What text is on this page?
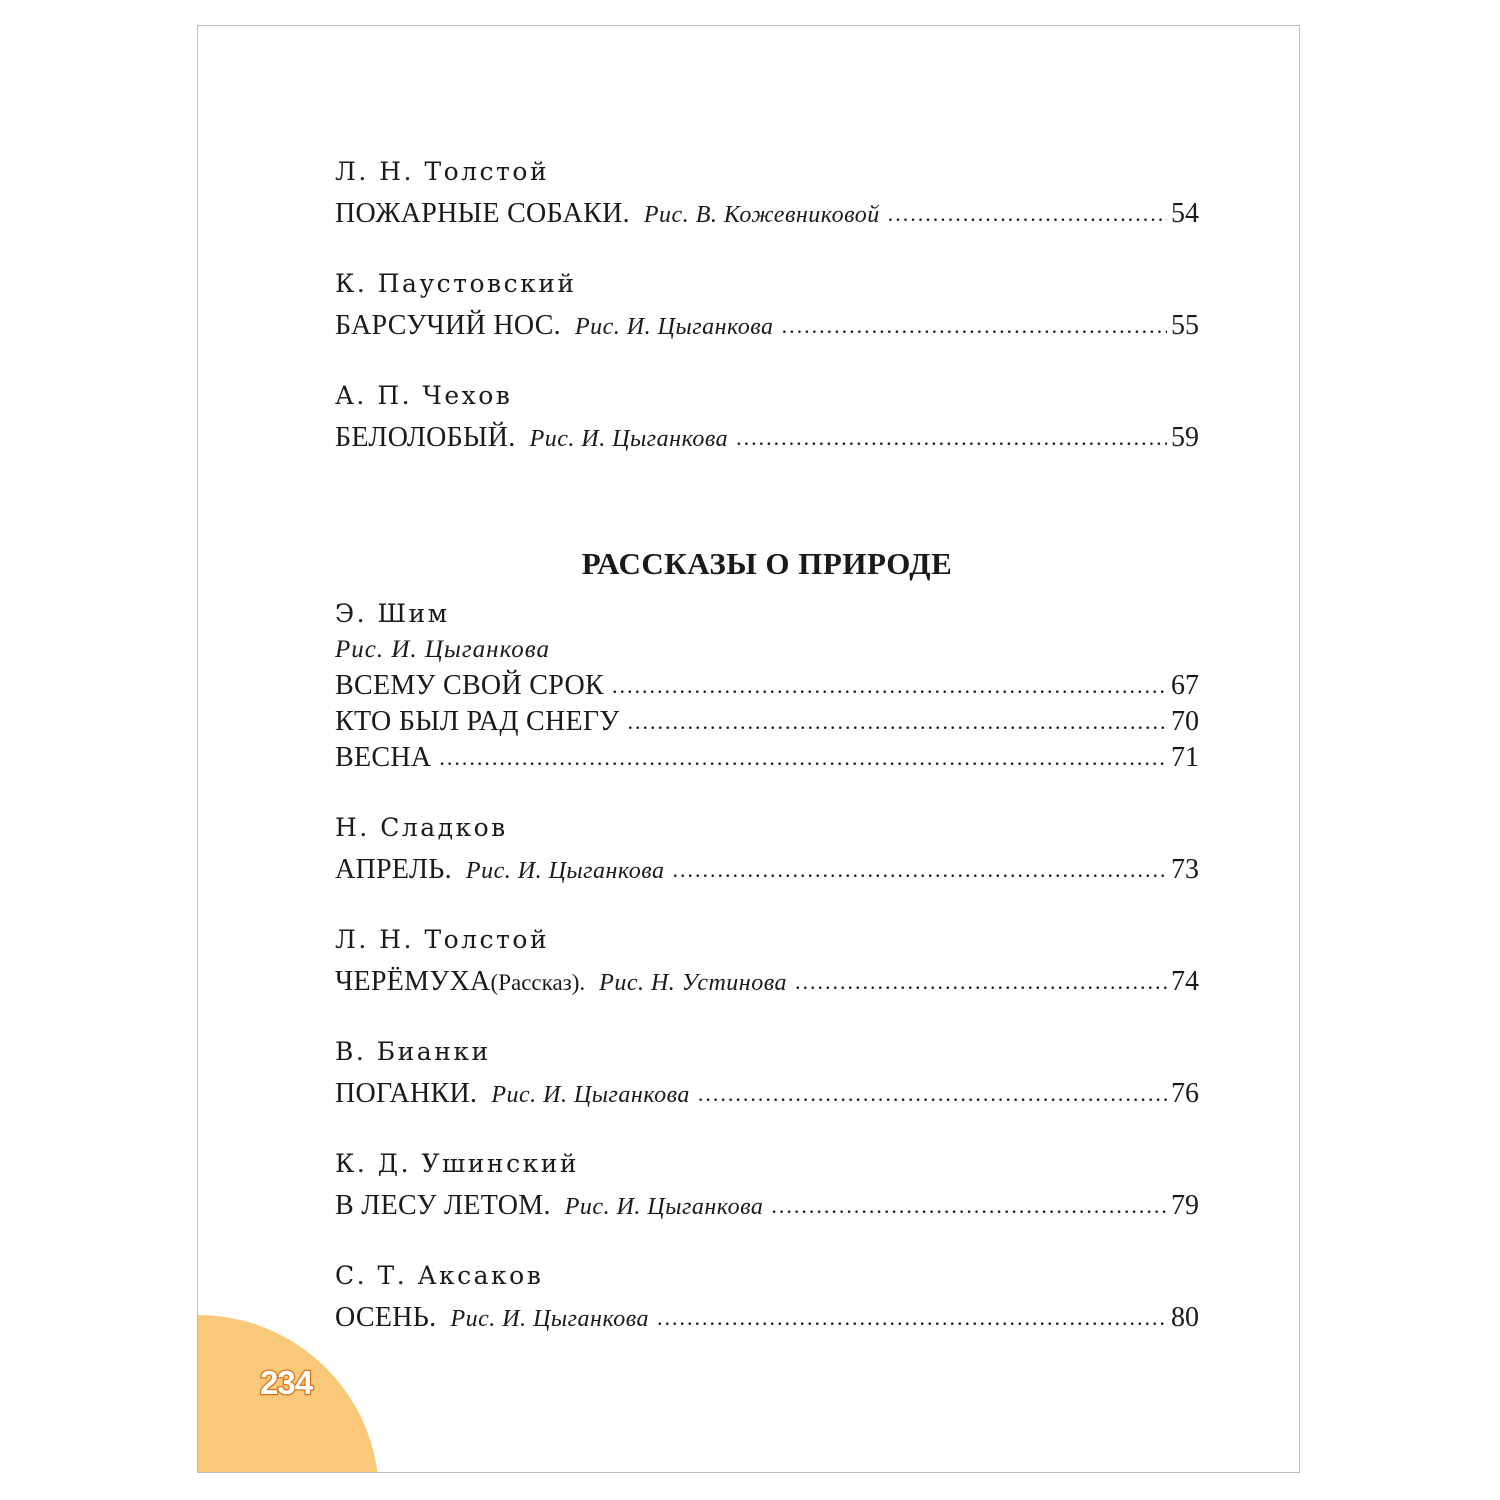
Л. Н. Толстой
ПОЖАРНЫЕ СОБАКИ. Рис. В. Кожевниковой .....	54
К. Паустовский
БАРСУЧИЙ НОС. Рис. И. Цыганкова .....	55
А. П. Чехов
БЕЛОЛОБЫЙ. Рис. И. Цыганкова .....	59
РАССКАЗЫ О ПРИРОДЕ
Э. Шим
Рис. И. Цыганкова
ВСЕМУ СВОЙ СРОК .....	67
КТО БЫЛ РАД СНЕГУ .....	70
ВЕСНА .....	71
Н. Сладков
АПРЕЛЬ. Рис. И. Цыганкова .....	73
Л. Н. Толстой
ЧЕРЁМУХА (Рассказ). Рис. Н. Устинова .....	74
В. Бианки
ПОГАНКИ. Рис. И. Цыганкова .....	76
К. Д. Ушинский
В ЛЕСУ ЛЕТОМ. Рис. И. Цыганкова .....	79
С. Т. Аксаков
ОСЕНЬ. Рис. И. Цыганкова .....	80
234
